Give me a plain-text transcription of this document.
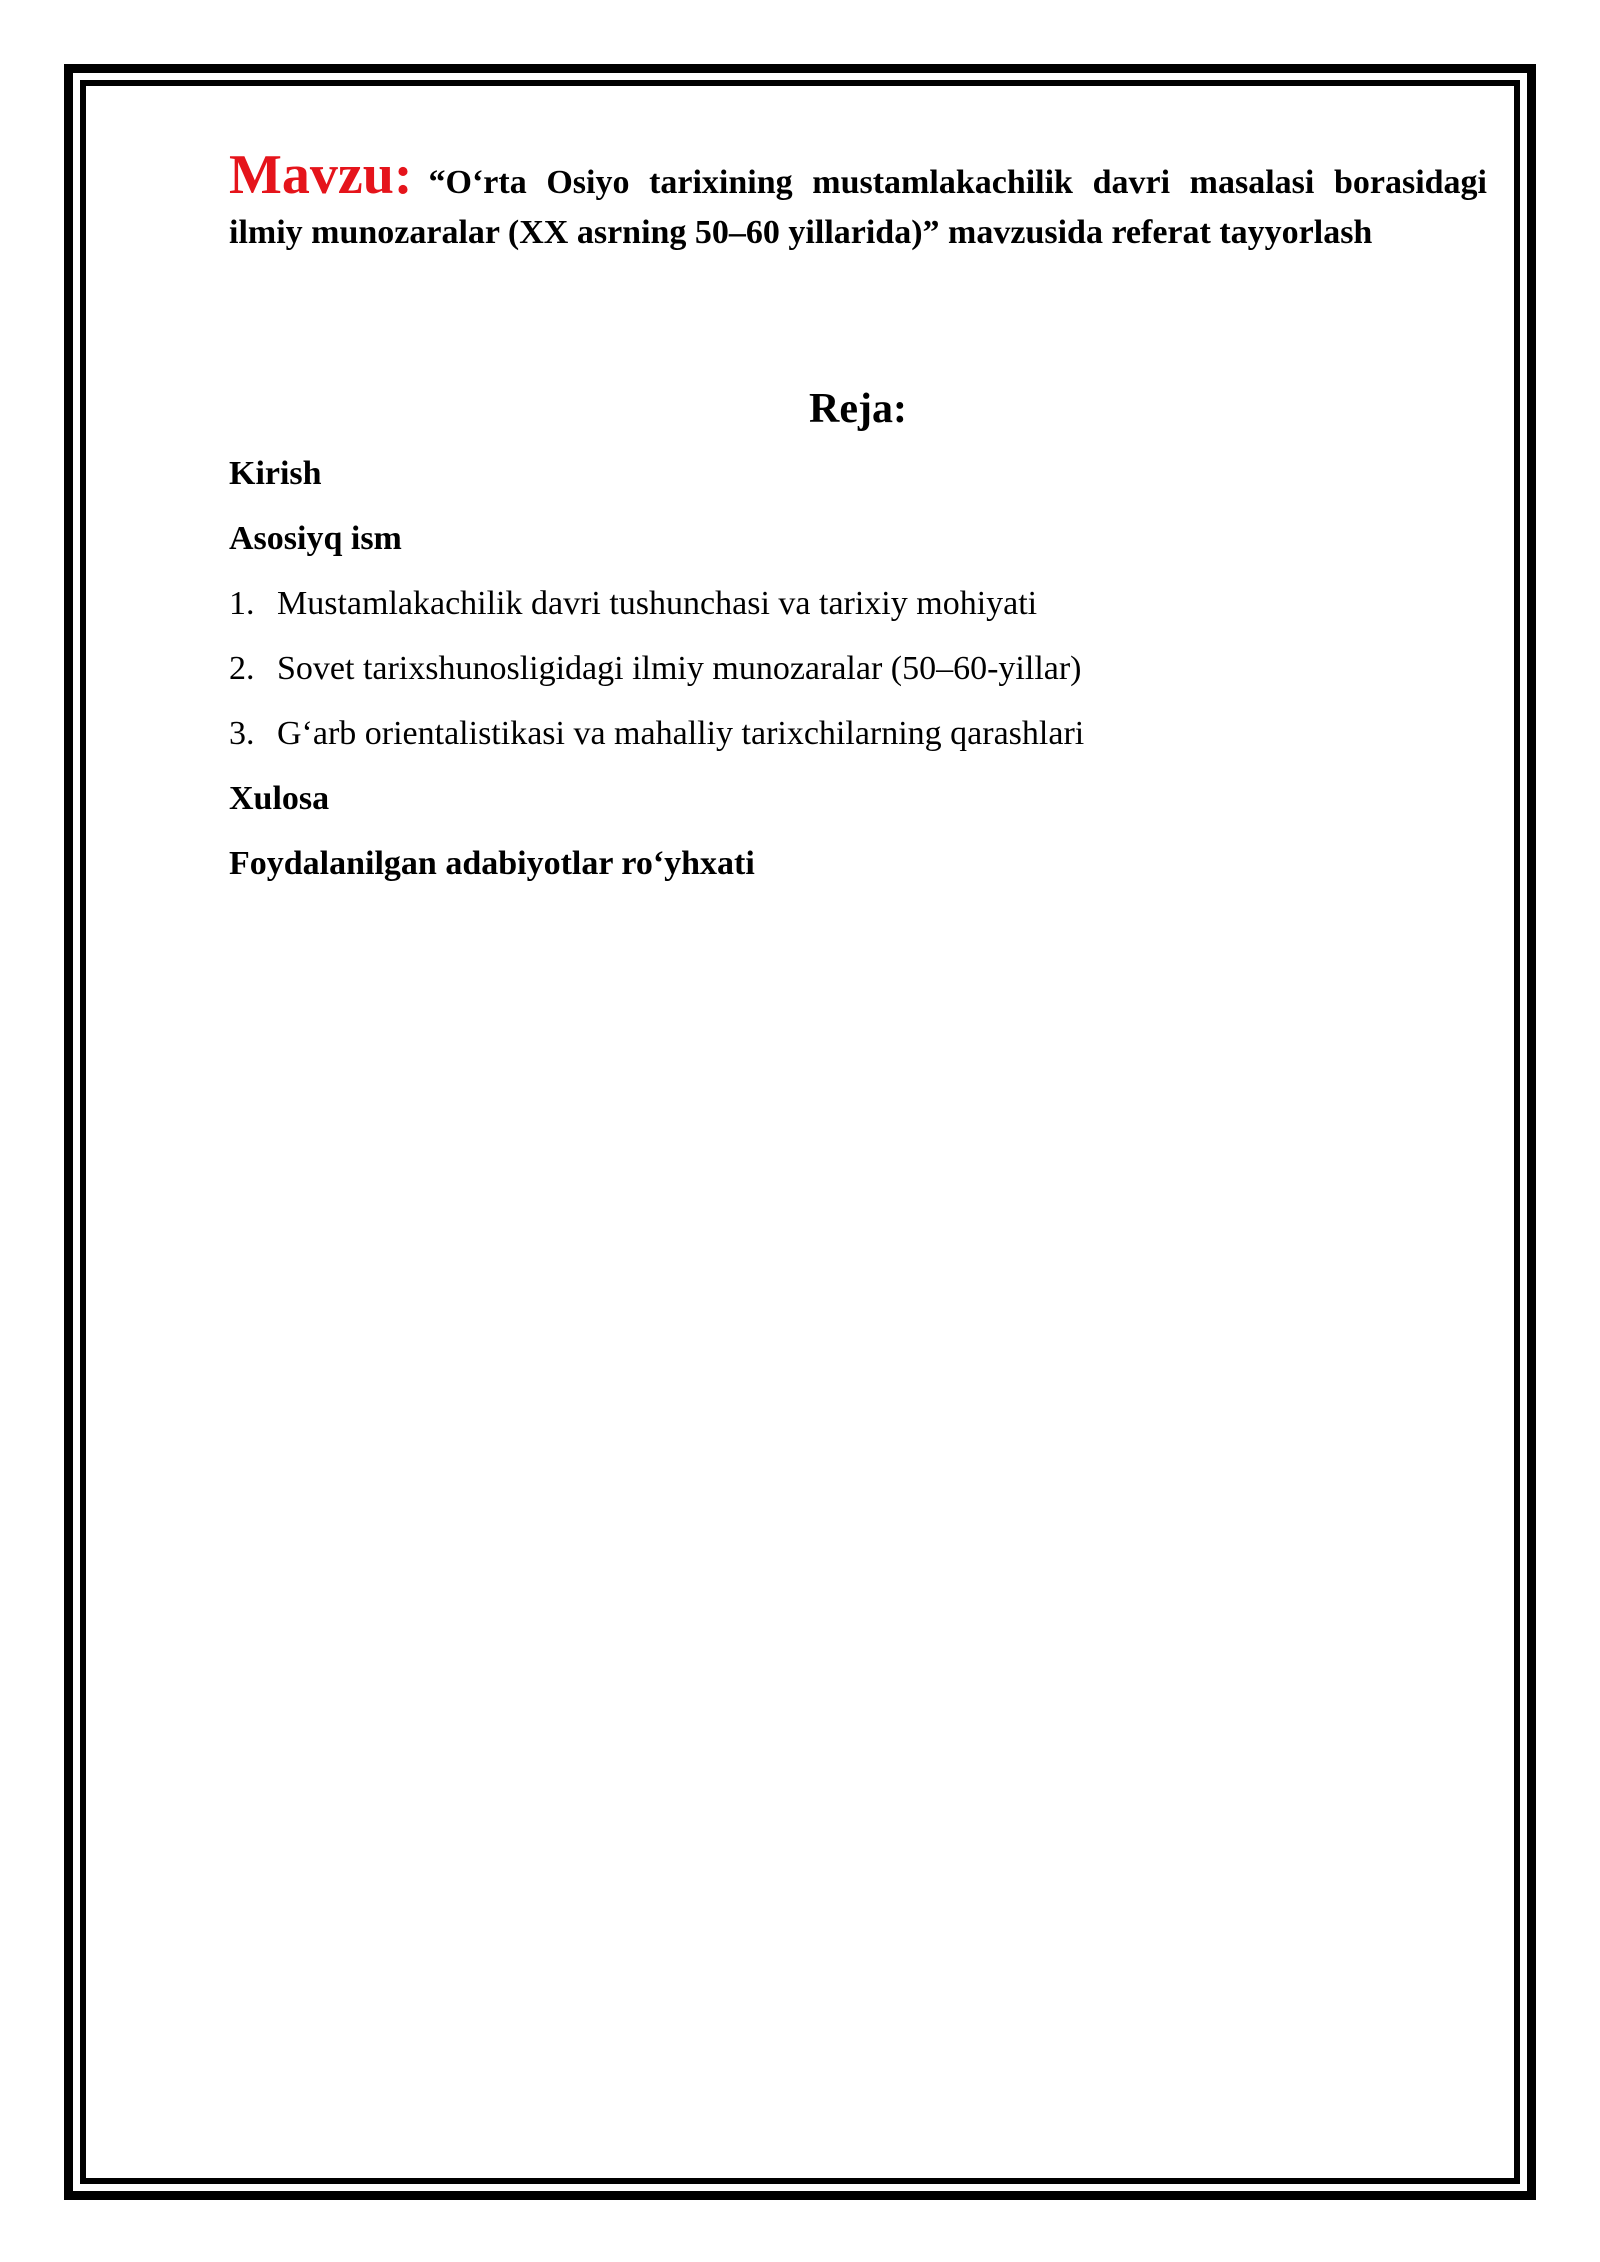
Mavzu: “O‘rta Osiyo tarixining mustamlakachilik davri masalasi borasidagi ilmiy munozaralar (XX asrning 50–60 yillarida)” mavzusida referat tayyorlash

Reja:
Kirish
Asosiyq ism
1. Mustamlakachilik davri tushunchasi va tarixiy mohiyati
2. Sovet tarixshunosligidagi ilmiy munozaralar (50–60-yillar)
3. G‘arb orientalistikasi va mahalliy tarixchilarning qarashlari
Xulosa
Foydalanilgan adabiyotlar ro‘yhxati
